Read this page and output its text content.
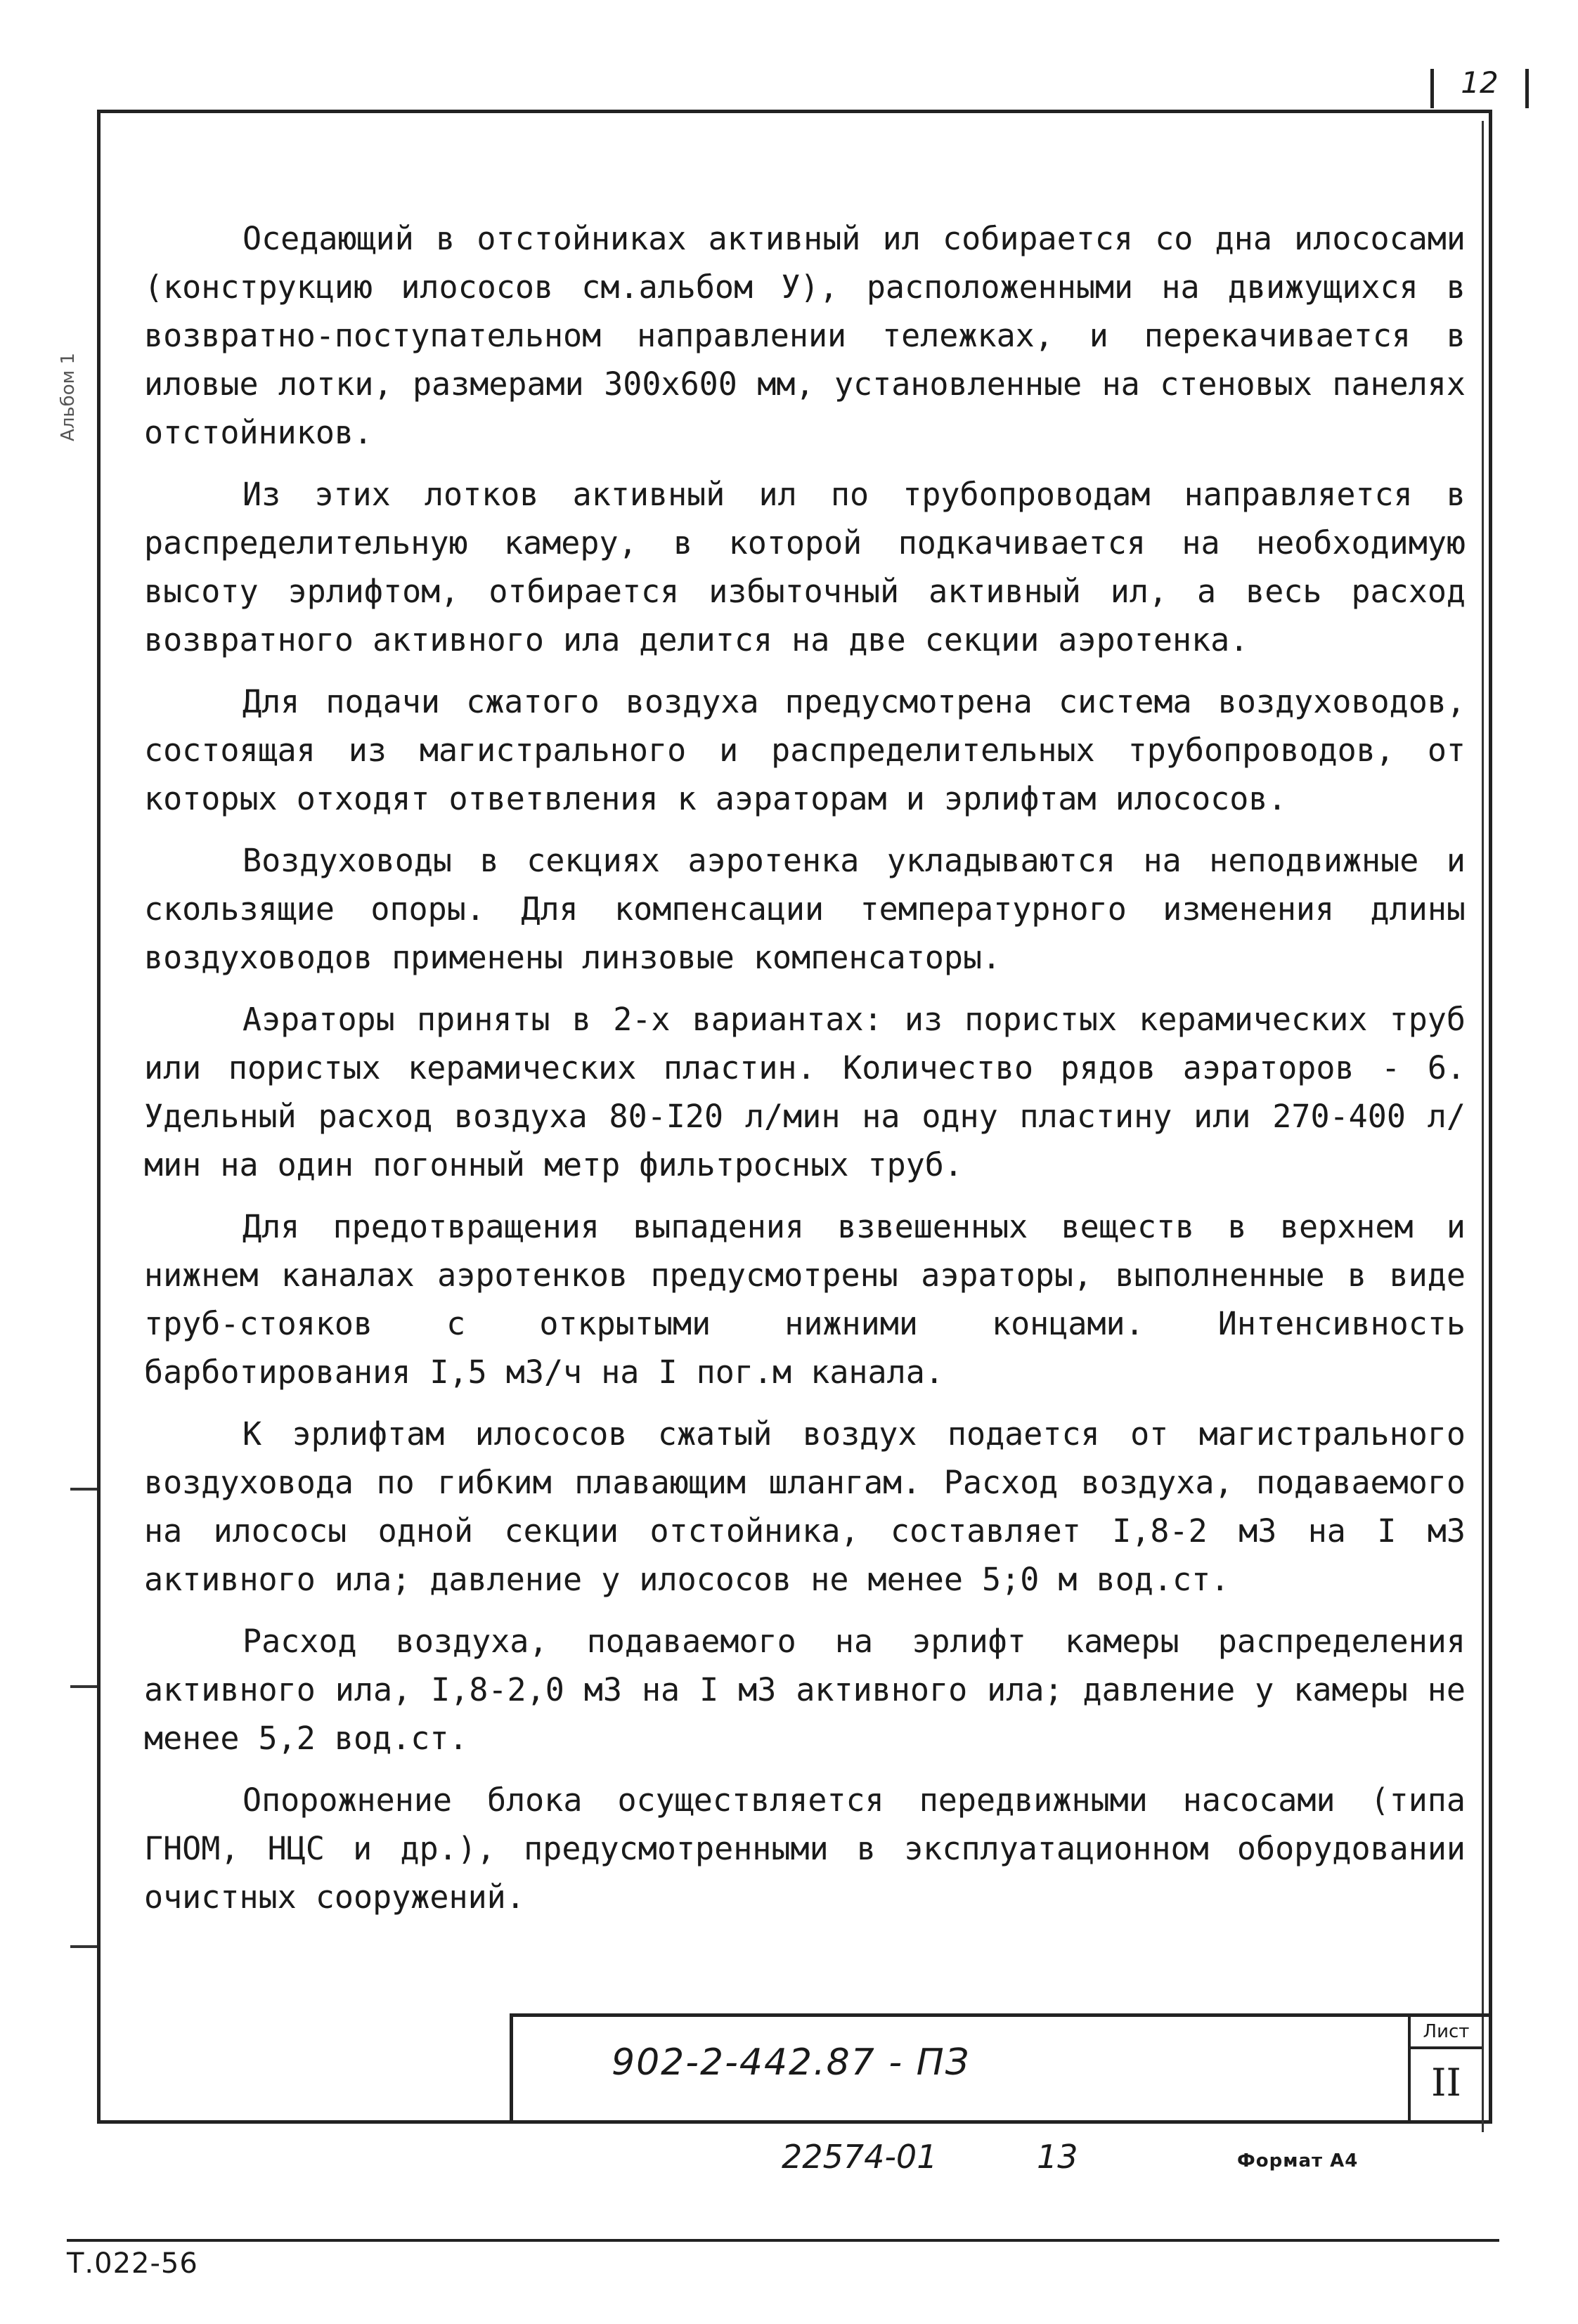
12
Альбом 1

Оседающий в отстойниках активный ил собирается со дна илососами (конструкцию илососов см.альбом У), расположенными на движущихся в возвратно-поступательном направлении тележках, и перекачивается в иловые лотки, размерами 300х600 мм, установленные на стеновых панелях отстойников.

Из этих лотков активный ил по трубопроводам направляется в распределительную камеру, в которой подкачивается на необходимую высоту эрлифтом, отбирается избыточный активный ил, а весь расход возвратного активного ила делится на две секции аэротенка.

Для подачи сжатого воздуха предусмотрена система воздуховодов, состоящая из магистрального и распределительных трубопроводов, от которых отходят ответвления к аэраторам и эрлифтам илососов.

Воздуховоды в секциях аэротенка укладываются на неподвижные и скользящие опоры. Для компенсации температурного изменения длины воздуховодов применены линзовые компенсаторы.

Аэраторы приняты в 2-х вариантах: из пористых керамических труб или пористых керамических пластин. Количество рядов аэраторов - 6. Удельный расход воздуха 80-I20 л/мин на одну пластину или 270-400 л/мин на один погонный метр фильтросных труб.

Для предотвращения выпадения взвешенных веществ в верхнем и нижнем каналах аэротенков предусмотрены аэраторы, выполненные в виде труб-стояков с открытыми нижними концами. Интенсивность барботирования I,5 м3/ч на I пог.м канала.

К эрлифтам илососов сжатый воздух подается от магистрального воздуховода по гибким плавающим шлангам. Расход воздуха, подаваемого на илососы одной секции отстойника, составляет I,8-2 м3 на I м3 активного ила; давление у илососов не менее 5;0 м вод.ст.

Расход воздуха, подаваемого на эрлифт камеры распределения активного ила, I,8-2,0 м3 на I м3 активного ила; давление у камеры не менее 5,2 вод.ст.

Опорожнение блока осуществляется передвижными насосами (типа ГНОМ, НЦС и др.), предусмотренными в эксплуатационном оборудовании очистных сооружений.

902-2-442.87 - ПЗ
Лист
II
22574-01	13	Формат А4
Т.022-56
